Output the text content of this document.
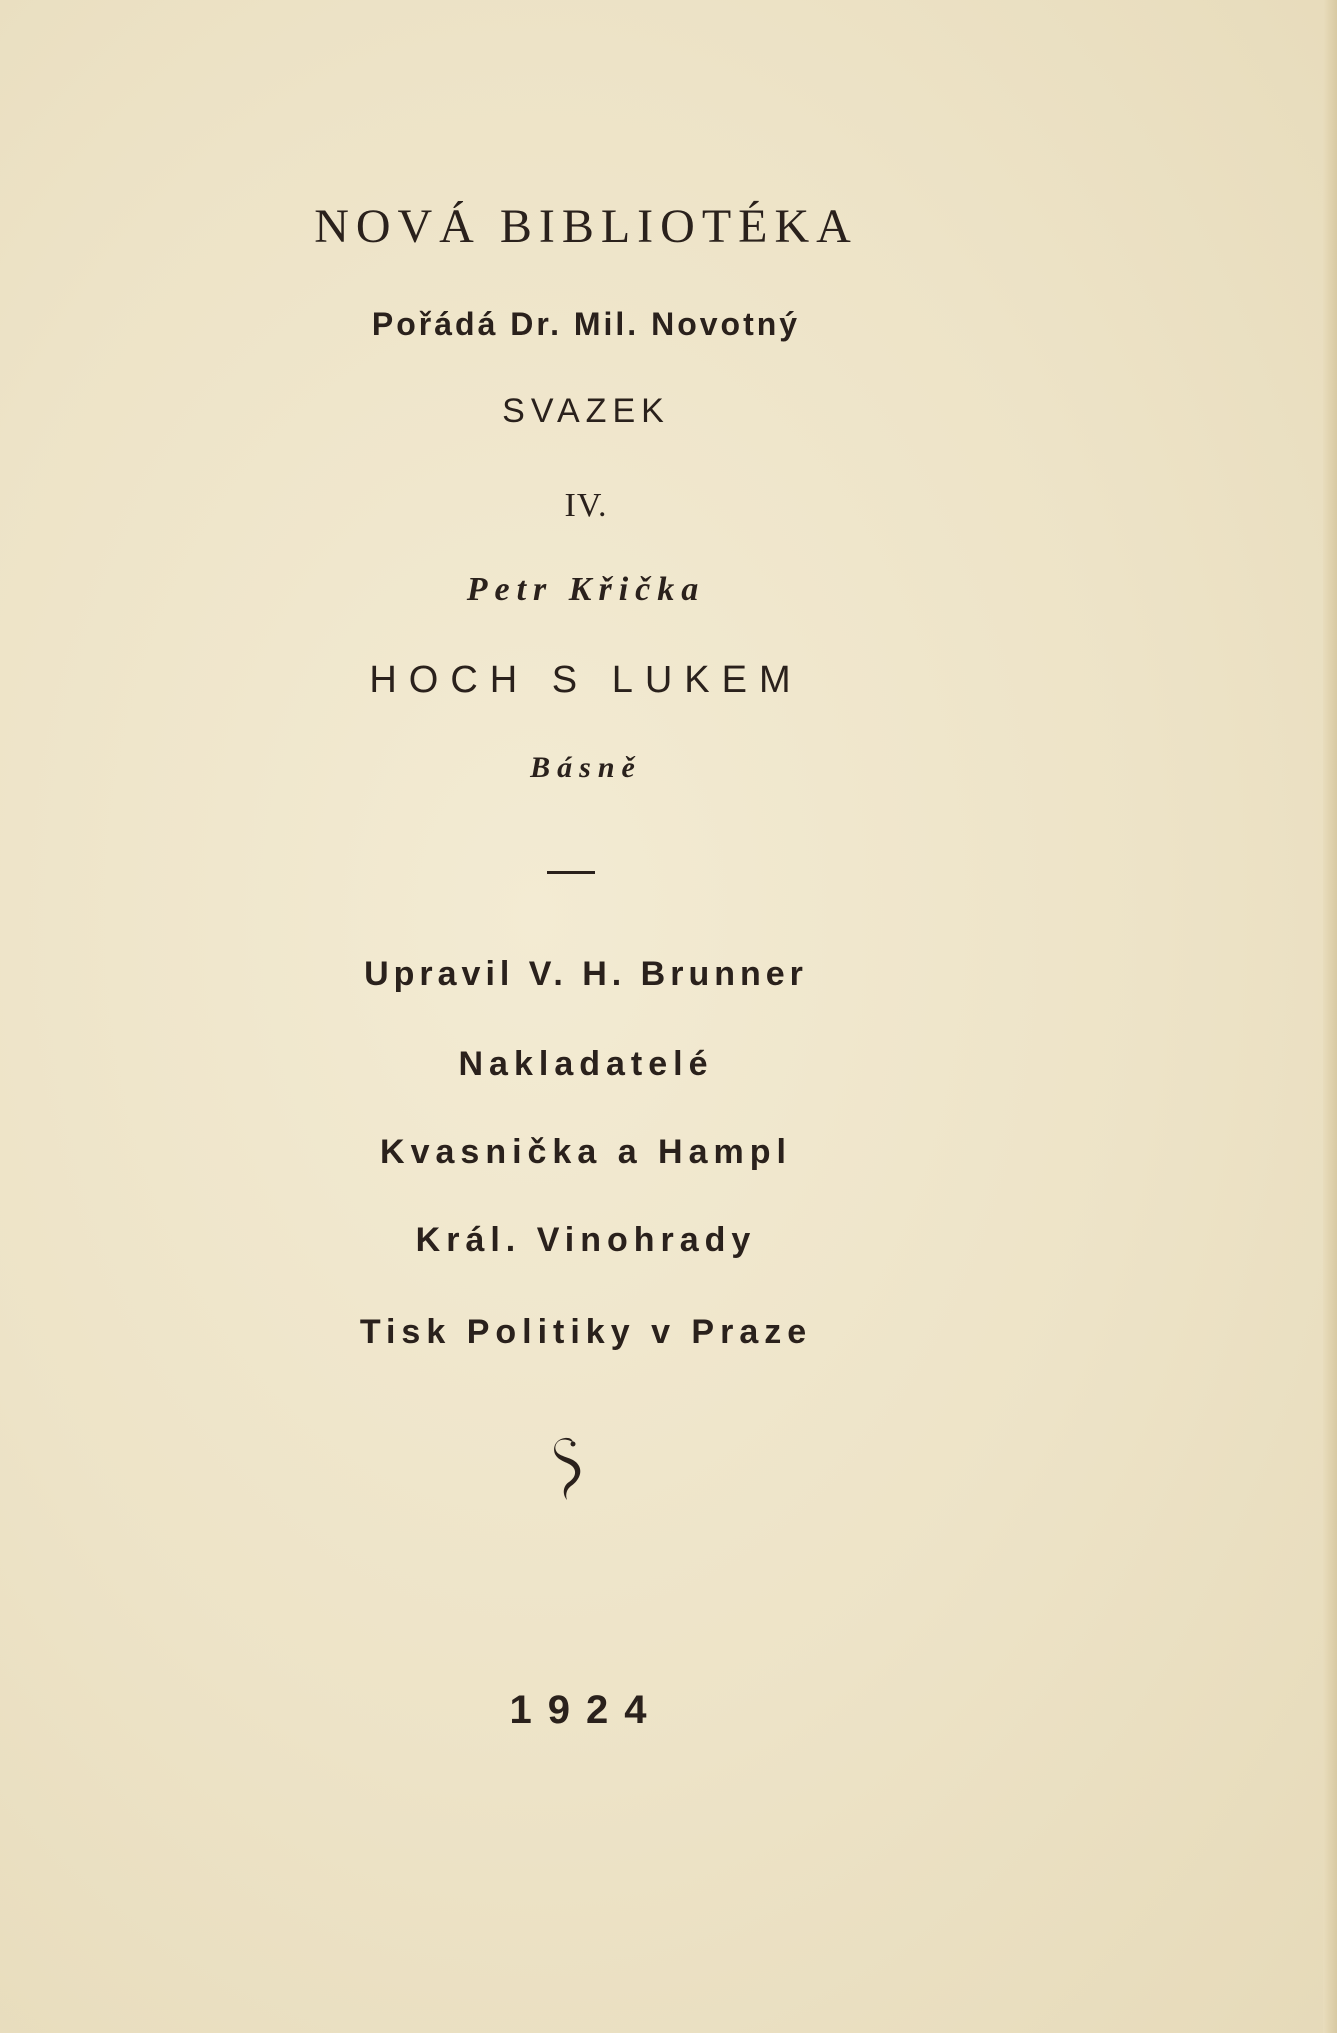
NOVÁ BIBLIOTÉKA
Pořádá Dr. Mil. Novotný
SVAZEK
IV.
Petr Křička
HOCH S LUKEM
Básně
Upravil V. H. Brunner
Nakladatelé
Kvasnička a Hampl
Král. Vinohrady
Tisk Politiky v Praze
1924
